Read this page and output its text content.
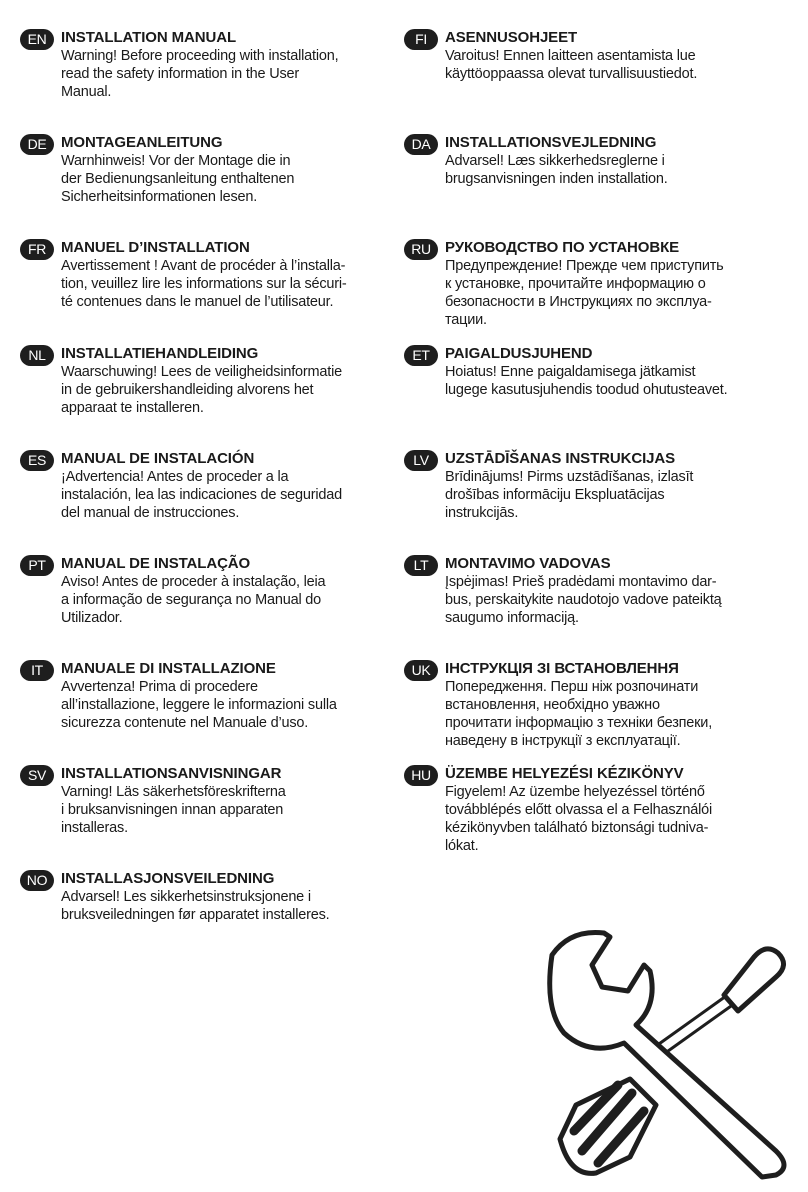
EN INSTALLATION MANUAL
Warning! Before proceeding with installation,
read the safety information in the User
Manual.
DE MONTAGEANLEITUNG
Warnhinweis! Vor der Montage die in
der Bedienungsanleitung enthaltenen
Sicherheitsinformationen lesen.
FR MANUEL D’INSTALLATION
Avertissement ! Avant de procéder à l’installa-
tion, veuillez lire les informations sur la sécuri-
té contenues dans le manuel de l’utilisateur.
NL	INSTALLATIEHANDLEIDING
Waarschuwing! Lees de veiligheidsinformatie
in de gebruikershandleiding alvorens het
apparaat te installeren.
ES MANUAL DE INSTALACIÓN
¡Advertencia! Antes de proceder a la
instalación, lea las indicaciones de seguridad
del manual de instrucciones.
PT	MANUAL DE INSTALAÇÃO
Aviso! Antes de proceder à instalação, leia
a informação de segurança no Manual do
Utilizador.
IT	MANUALE DI INSTALLAZIONE
Avvertenza! Prima di procedere
all’installazione, leggere le informazioni sulla
sicurezza contenute nel Manuale d’uso.
SV INSTALLATIONSANVISNINGAR
Varning! Läs säkerhetsföreskrifterna
i bruksanvisningen innan apparaten
installeras.
NO INSTALLASJONSVEILEDNING
Advarsel! Les sikkerhetsinstruksjonene i
bruksveiledningen før apparatet installeres.
FI	ASENNUSOHJEET
Varoitus! Ennen laitteen asentamista lue
käyttöoppaassa olevat turvallisuustiedot.
DA INSTALLATIONSVEJLEDNING
Advarsel! Læs sikkerhedsreglerne i
brugsanvisningen inden installation.
RU РУКОВОДСТВО ПО УСТАНОВКЕ
Предупреждение! Прежде чем приступить
к установке, прочитайте информацию о
безопасности в Инструкциях по эксплуа-
тации.
ET	PAIGALDUSJUHEND
Hoiatus! Enne paigaldamisega jätkamist
lugege kasutusjuhendis toodud ohutusteavet.
LV	UZSTĀDĪŠANAS INSTRUKCIJAS
Brīdinājums! Pirms uzstādīšanas, izlasīt
drošības informāciju Ekspluatācijas
instrukcijās.
LT	MONTAVIMO VADOVAS
Įspėjimas! Prieš pradėdami montavimo dar-
bus, perskaitykite naudotojo vadove pateiktą
saugumo informaciją.
UK ІНСТРУКЦІЯ ЗІ ВСТАНОВЛЕННЯ
Попередження. Перш ніж розпочинати
встановлення, необхідно уважно
прочитати інформацію з техніки безпеки,
наведену в інструкції з експлуатації.
HU ÜZEMBE HELYEZÉSI KÉZIKÖNYV
Figyelem! Az üzembe helyezéssel történő
továbblépés előtt olvassa el a Felhasználói
kézikönyvben található biztonsági tudniva-
lókat.
